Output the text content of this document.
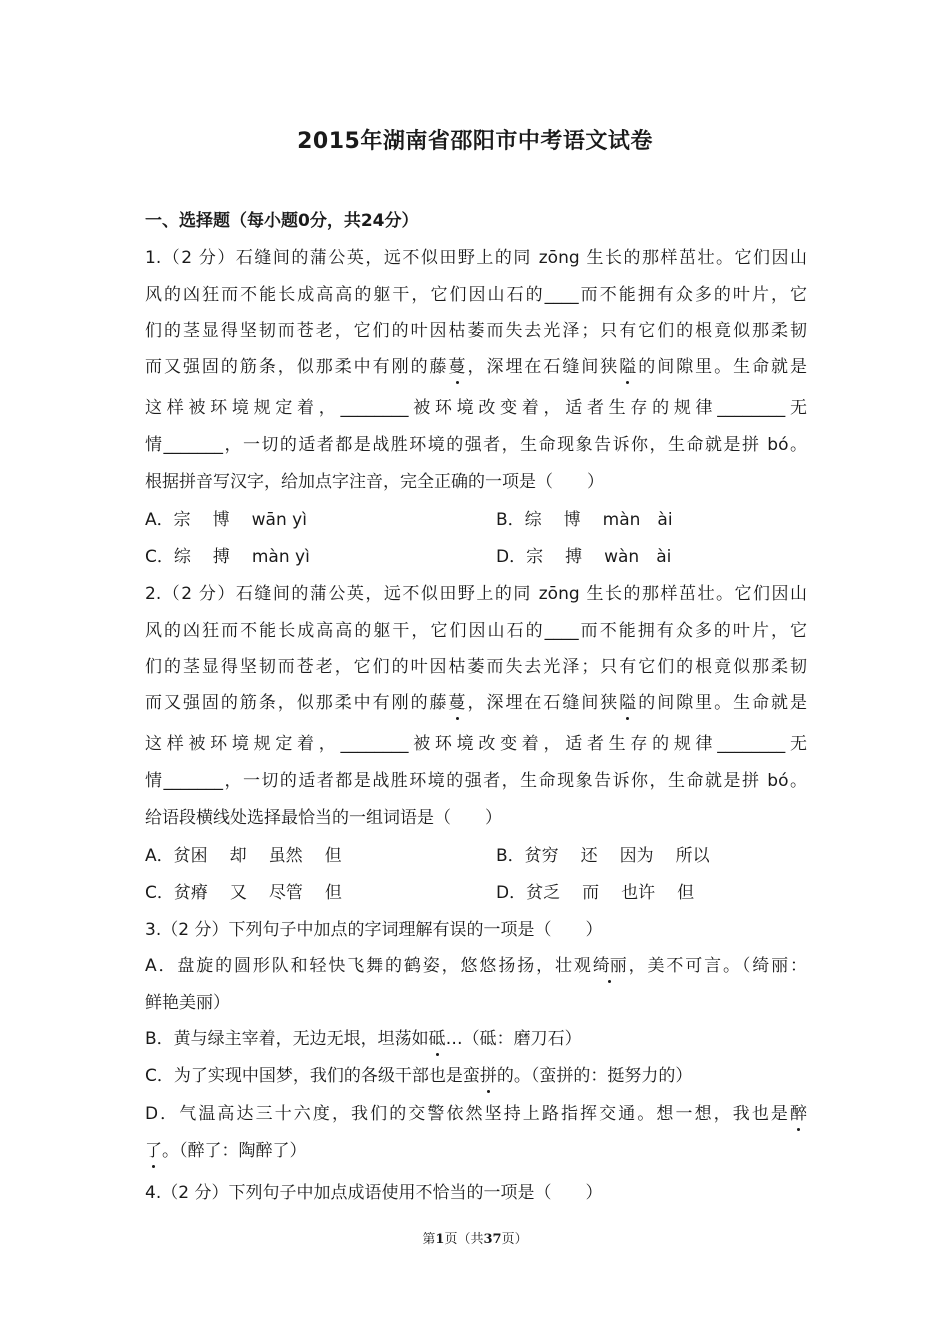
2015年湖南省邵阳市中考语文试卷
一、选择题（每小题0分，共24分）
1.（2 分）石缝间的蒲公英，远不似田野上的同 zōng 生长的那样茁壮。它们因山
风的凶狂而不能长成高高的躯干，它们因山石的____而不能拥有众多的叶片，它
们的茎显得坚韧而苍老，它们的叶因枯萎而失去光泽；只有它们的根竟似那柔韧
而又强固的筋条，似那柔中有刚的藤蔓，深埋在石缝间狭隘的间隙里。生命就是
这样被环境规定着，________被环境改变着，适者生存的规律________无
情_______，一切的适者都是战胜环境的强者，生命现象告诉你，生命就是拼 bó。
根据拼音写汉字，给加点字注音，完全正确的一项是（　　）
A．宗 博 wān yì	B．综 博 màn　ài
C．综 搏 màn yì	D．宗 搏 wàn　ài
2.（2 分）石缝间的蒲公英，远不似田野上的同 zōng 生长的那样茁壮。它们因山
风的凶狂而不能长成高高的躯干，它们因山石的____而不能拥有众多的叶片，它
们的茎显得坚韧而苍老，它们的叶因枯萎而失去光泽；只有它们的根竟似那柔韧
而又强固的筋条，似那柔中有刚的藤蔓，深埋在石缝间狭隘的间隙里。生命就是
这样被环境规定着，________被环境改变着，适者生存的规律________无
情_______，一切的适者都是战胜环境的强者，生命现象告诉你，生命就是拼 bó。
给语段横线处选择最恰当的一组词语是（　　）
A．贫困 却 虽然 但	B．贫穷 还 因为 所以
C．贫瘠 又 尽管 但	D．贫乏 而 也许 但
3.（2 分）下列句子中加点的字词理解有误的一项是（　　）
A．盘旋的圆形队和轻快飞舞的鹤姿，悠悠扬扬，壮观绮丽，美不可言。（绮丽：
鲜艳美丽）
B．黄与绿主宰着，无边无垠，坦荡如砥…（砥：磨刀石）
C．为了实现中国梦，我们的各级干部也是蛮拼的。（蛮拼的：挺努力的）
D．气温高达三十六度，我们的交警依然坚持上路指挥交通。想一想，我也是醉
了。（醉了：陶醉了）
4.（2 分）下列句子中加点成语使用不恰当的一项是（　　）
第1页（共37页）
